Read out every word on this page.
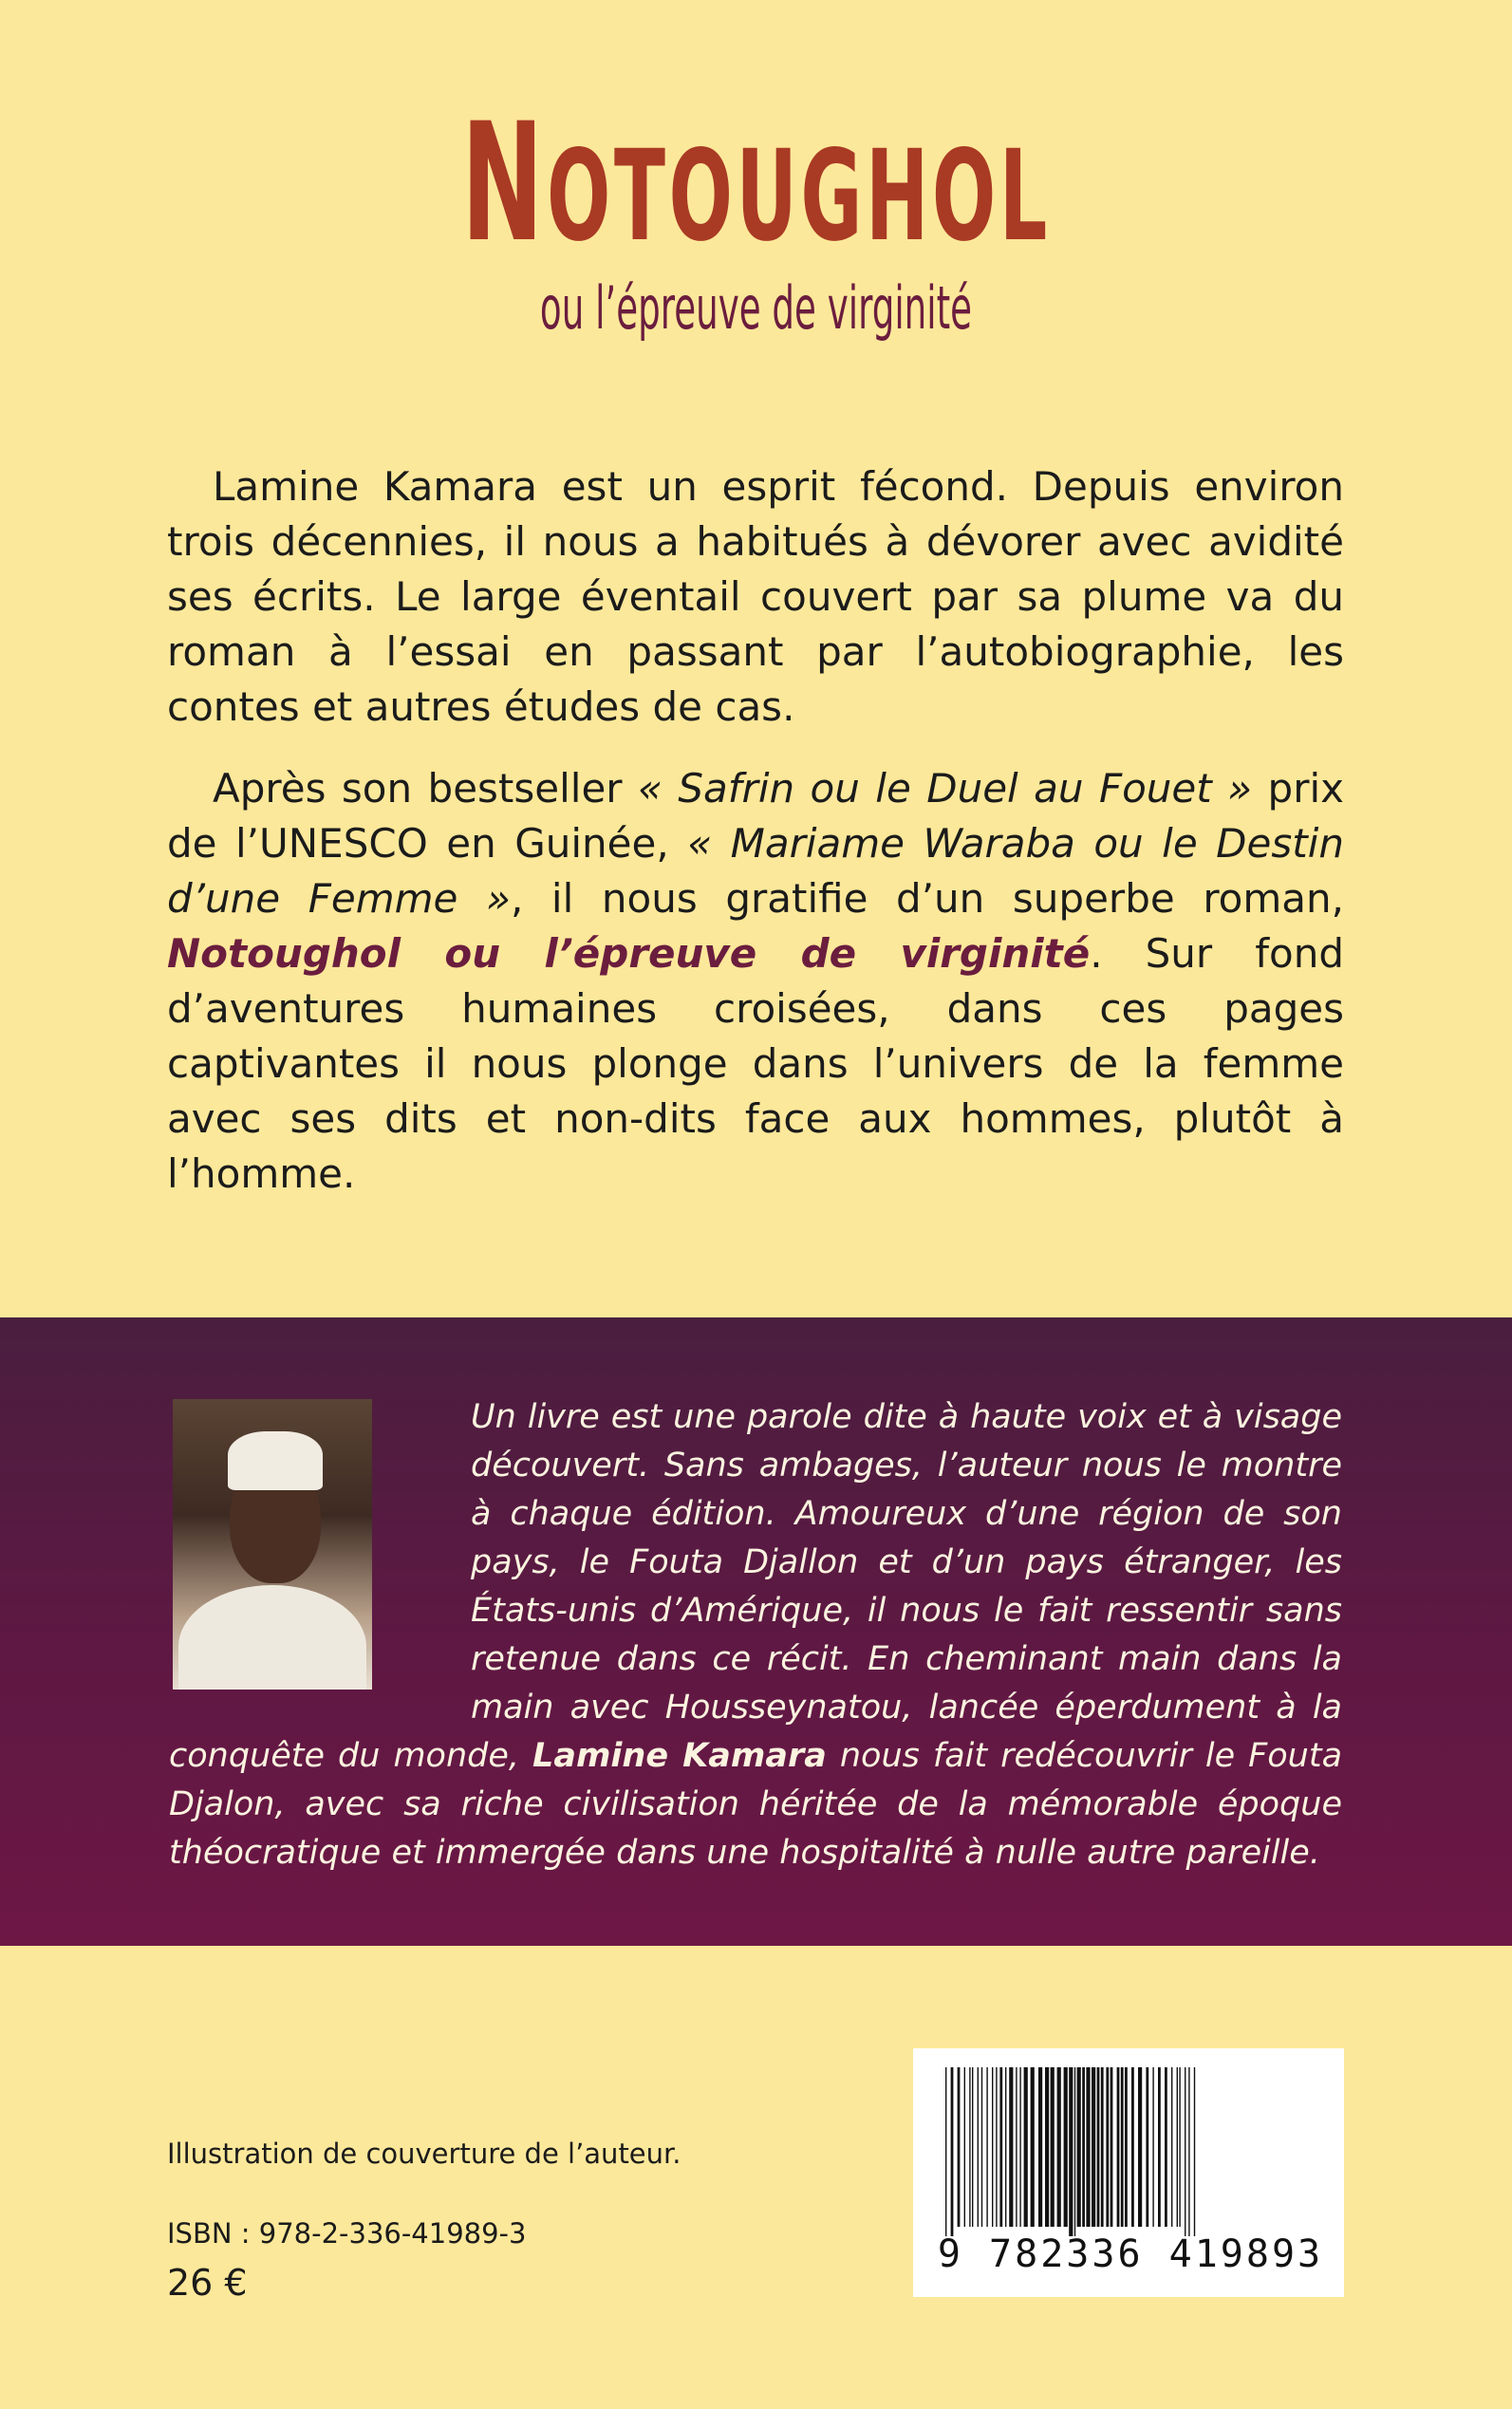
NOTOUGHOL
ou l’épreuve de virginité

Lamine Kamara est un esprit fécond. Depuis environ trois décennies, il nous a habitués à dévorer avec avidité ses écrits. Le large éventail couvert par sa plume va du roman à l’essai en passant par l’autobiographie, les contes et autres études de cas.

Après son bestseller « Safrin ou le Duel au Fouet » prix de l’UNESCO en Guinée, « Mariame Waraba ou le Destin d’une Femme », il nous gratifie d’un superbe roman, Notoughol ou l’épreuve de virginité. Sur fond d’aventures humaines croisées, dans ces pages captivantes il nous plonge dans l’univers de la femme avec ses dits et non-dits face aux hommes, plutôt à l’homme.

Un livre est une parole dite à haute voix et à visage découvert. Sans ambages, l’auteur nous le montre à chaque édition. Amoureux d’une région de son pays, le Fouta Djallon et d’un pays étranger, les États-unis d’Amérique, il nous le fait ressentir sans retenue dans ce récit. En cheminant main dans la main avec Housseynatou, lancée éperdument à la conquête du monde, Lamine Kamara nous fait redécouvrir le Fouta Djalon, avec sa riche civilisation héritée de la mémorable époque théocratique et immergée dans une hospitalité à nulle autre pareille.
Illustration de couverture de l’auteur.
ISBN : 978-2-336-41989-3
26 €
9 782336 419893
